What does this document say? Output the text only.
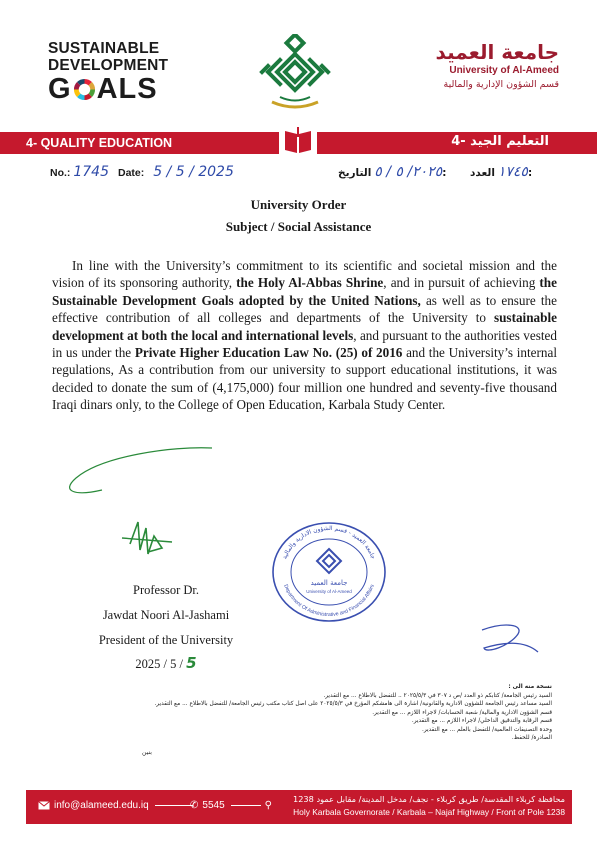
SUSTAINABLE
DEVELOPMENT
G ALS
جامعة العميد
University of Al-Ameed
قسم الشؤون الإدارية والمالية
4- QUALITY EDUCATION	4- التعليم الجيد
No.: 1745 Date: 5 / 5 / 2025	٢٠٢٥/ ٥ / ٥ التاريخ:	١٧٤٥ العدد:
University Order
Subject / Social Assistance

In line with the University’s commitment to its scientific and societal mission and the vision of its sponsoring authority, the Holy Al-Abbas Shrine, and in pursuit of achieving the Sustainable Development Goals adopted by the United Nations, as well as to ensure the effective contribution of all colleges and departments of the University to sustainable development at both the local and international levels, and pursuant to the authorities vested in us under the Private Higher Education Law No. (25) of 2016 and the University’s internal regulations, As a contribution from our university to support educational institutions, it was decided to donate the sum of (4,175,000) four million one hundred and seventy-five thousand Iraqi dinars only, to the College of Open Education, Karbala Study Center.

Professor Dr.
Jawdat Noori Al-Jashami
President of the University
2025 / 5 / 5
جامعة العميد - قسم الشؤون الادارية والمالية
Department Of Administrative and Financial Affairs
جامعة العميد
University of Al-Ameed
نسخة منه الى :
السيد رئيس الجامعة/ كتابكم ذو العدد /ص د ٣٠٧ في ٢٠٢٥/٥/٣ .. للتفضل بالاطلاع ... مع التقدير.
السيد مساعد رئيس الجامعة للشؤون الادارية والقانونية/ اشارة الى هامشكم المؤرخ في ٢٠٢٥/٥/٣ على اصل كتاب مكتب رئيس الجامعة/ للتفضل بالاطلاع ... مع التقدير.
قسم الشؤون الادارية والمالية/ شعبة الحسابات/ لاجراء اللازم ... مع التقدير.
قسم الرقابة والتدقيق الداخلي/ لاجراء اللازم ... مع التقدير.
وحدة التصنيفات العالمية/ للتفضل بالعلم ... مع التقدير.
الصادرة/ للحفظ.
بنين
info@alameed.edu.iq	✆ 5545	⚲
محافظة كربلاء المقدسة/ طريق كربلاء - نجف/ مدخل المدينة/ مقابل عمود 1238
Holy Karbala Governorate / Karbala – Najaf Highway / Front of Pole 1238
